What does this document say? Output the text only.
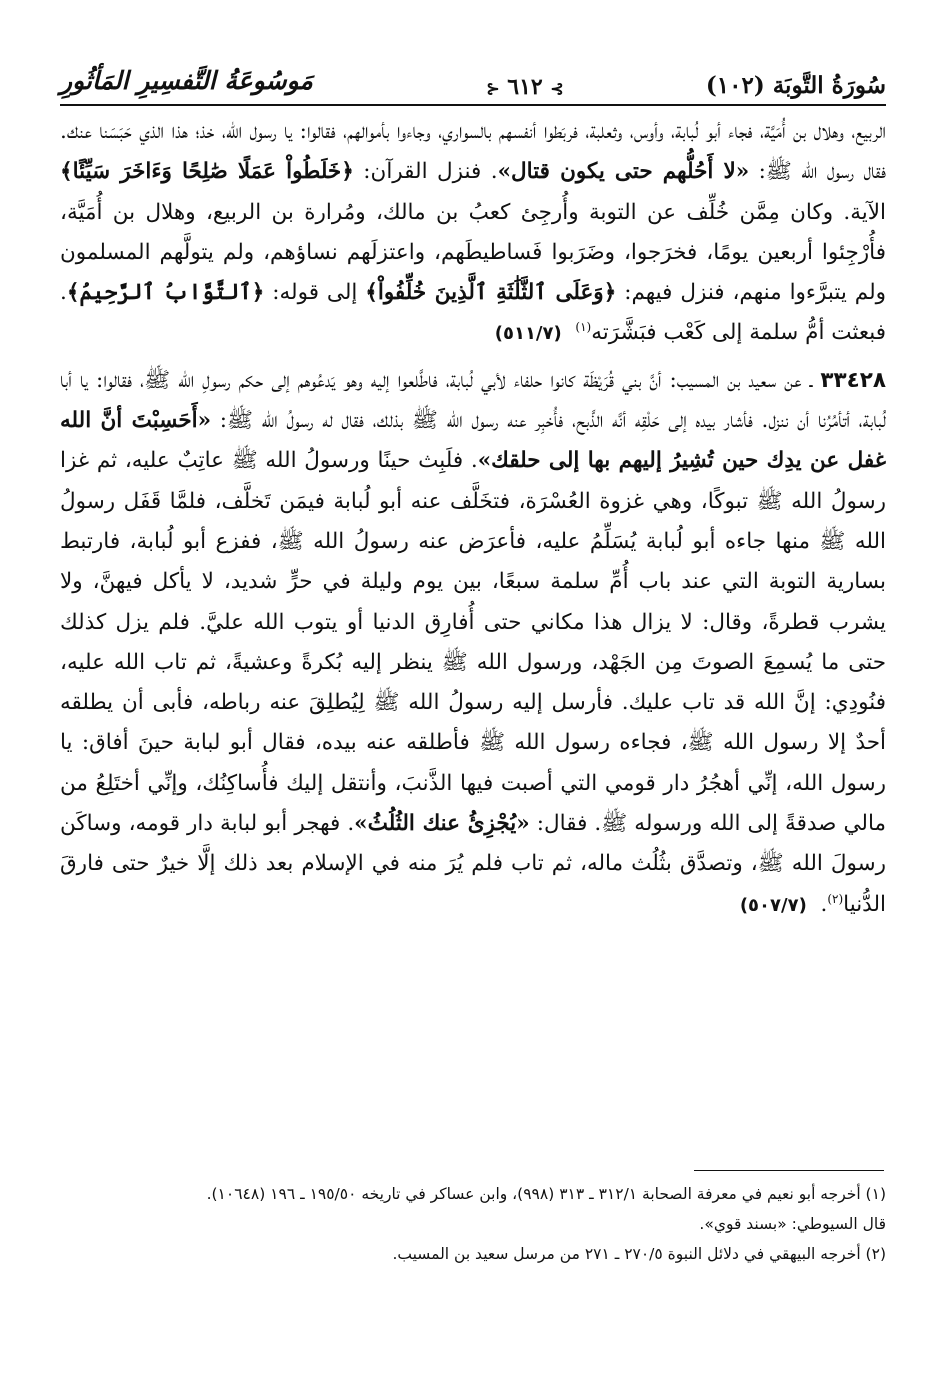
سُورَةُ التَّوبَة (١٠٢)
⊱ ٦١٢ ⊰
مَوسُوعَةُ التَّفسِيرِ المَأثُورِ

الربيع، وهلال بن أُمَيَّة، فجاء أبو لُبابة، وأوس، وثعلبة، فربَطوا أنفسهم بالسواري، وجاءوا بأموالهم، فقالوا: يا رسول الله، خذ؛ هذا الذي حَبَسَنا عنك. فقال رسول الله ﷺ: «لا أَحُلُّهم حتى يكون قتال». فنزل القرآن: ﴿خَلَطُواْ عَمَلًا صَٰلِحًا وَءَاخَرَ سَيِّئًا﴾ الآية. وكان مِمَّن خُلِّف عن التوبة وأُرجِئ كعبُ بن مالك، ومُرارة بن الربيع، وهلال بن أُمَيَّة، فأُرْجِئوا أربعين يومًا، فخرَجوا، وضَرَبوا فَساطيطَهم، واعتزلَهم نساؤهم، ولم يتولَّهم المسلمون ولم يتبرَّءوا منهم، فنزل فيهم: ﴿وَعَلَى ٱلثَّلَٰثَةِ ٱلَّذِينَ خُلِّفُواْ﴾ إلى قوله: ﴿ٱلتَّوَّابُ ٱلرَّحِيمُ﴾. فبعثت أمُّ سلمة إلى كَعْب فبَشَّرَته$^{(١)}$  (٥١١/٧)

٣٣٤٢٨ ـ عن سعيد بن المسيب: أنَّ بني قُرَيْظَة كانوا حلفاء لأبي لُبابة، فاطَّلعوا إليه وهو يَدعُوهم إلى حكم رسولِ الله ﷺ، فقالوا: يا أبا لُبابة، أتأمُرُنا أن ننزل. فأشار بيده إلى حَلْقِه أنَّه الذَّبح، فأُخبِر عنه رسول الله ﷺ بذلك، فقال له رسولُ الله ﷺ: «أَحَسِبْتَ أنَّ الله غفل عن يدِك حين تُشِيرُ إليهم بها إلى حلقك». فلَبِث حينًا ورسولُ الله ﷺ عاتِبٌ عليه، ثم غزا رسولُ الله ﷺ تبوكًا، وهي غزوة العُسْرَة، فتخَلَّف عنه أبو لُبابة فيمَن تَخلَّف، فلمَّا قَفَل رسولُ الله ﷺ منها جاءه أبو لُبابة يُسَلِّمُ عليه، فأعرَض عنه رسولُ الله ﷺ، ففزع أبو لُبابة، فارتبط بسارية التوبة التي عند باب أُمِّ سلمة سبعًا، بين يوم وليلة في حرٍّ شديد، لا يأكل فيهنَّ، ولا يشرب قطرةً، وقال: لا يزال هذا مكاني حتى أُفارِق الدنيا أو يتوب الله عليَّ. فلم يزل كذلك حتى ما يُسمِعَ الصوتَ مِن الجَهْد، ورسول الله ﷺ ينظر إليه بُكرةً وعشيةً، ثم تاب الله عليه، فنُودِي: إنَّ الله قد تاب عليك. فأرسل إليه رسولُ الله ﷺ لِيُطلِقَ عنه رباطه، فأبى أن يطلقه أحدٌ إلا رسول الله ﷺ، فجاءه رسول الله ﷺ فأطلقه عنه بيده، فقال أبو لبابة حينَ أفاق: يا رسول الله، إنِّي أهجُرُ دار قومي التي أصبت فيها الذَّنبَ، وأنتقل إليك فأُساكِنُك، وإنِّي أختَلِعُ من مالي صدقةً إلى الله ورسوله ﷺ. فقال: «يُجْزِئُ عنك الثُلُثُ». فهجر أبو لبابة دار قومه، وساكَن رسولَ الله ﷺ، وتصدَّق بثُلُث ماله، ثم تاب فلم يُرَ منه في الإسلام بعد ذلك إلَّا خيرٌ حتى فارقَ الدُّنيا$^{(٢)}$.  (٥٠٧/٧)

(١) أخرجه أبو نعيم في معرفة الصحابة ٣١٢/١ ـ ٣١٣ (٩٩٨)، وابن عساكر في تاريخه ١٩٥/٥٠ ـ ١٩٦ (١٠٦٤٨).

قال السيوطي: «بسند قوي».

(٢) أخرجه البيهقي في دلائل النبوة ٢٧٠/٥ ـ ٢٧١ من مرسل سعيد بن المسيب.
